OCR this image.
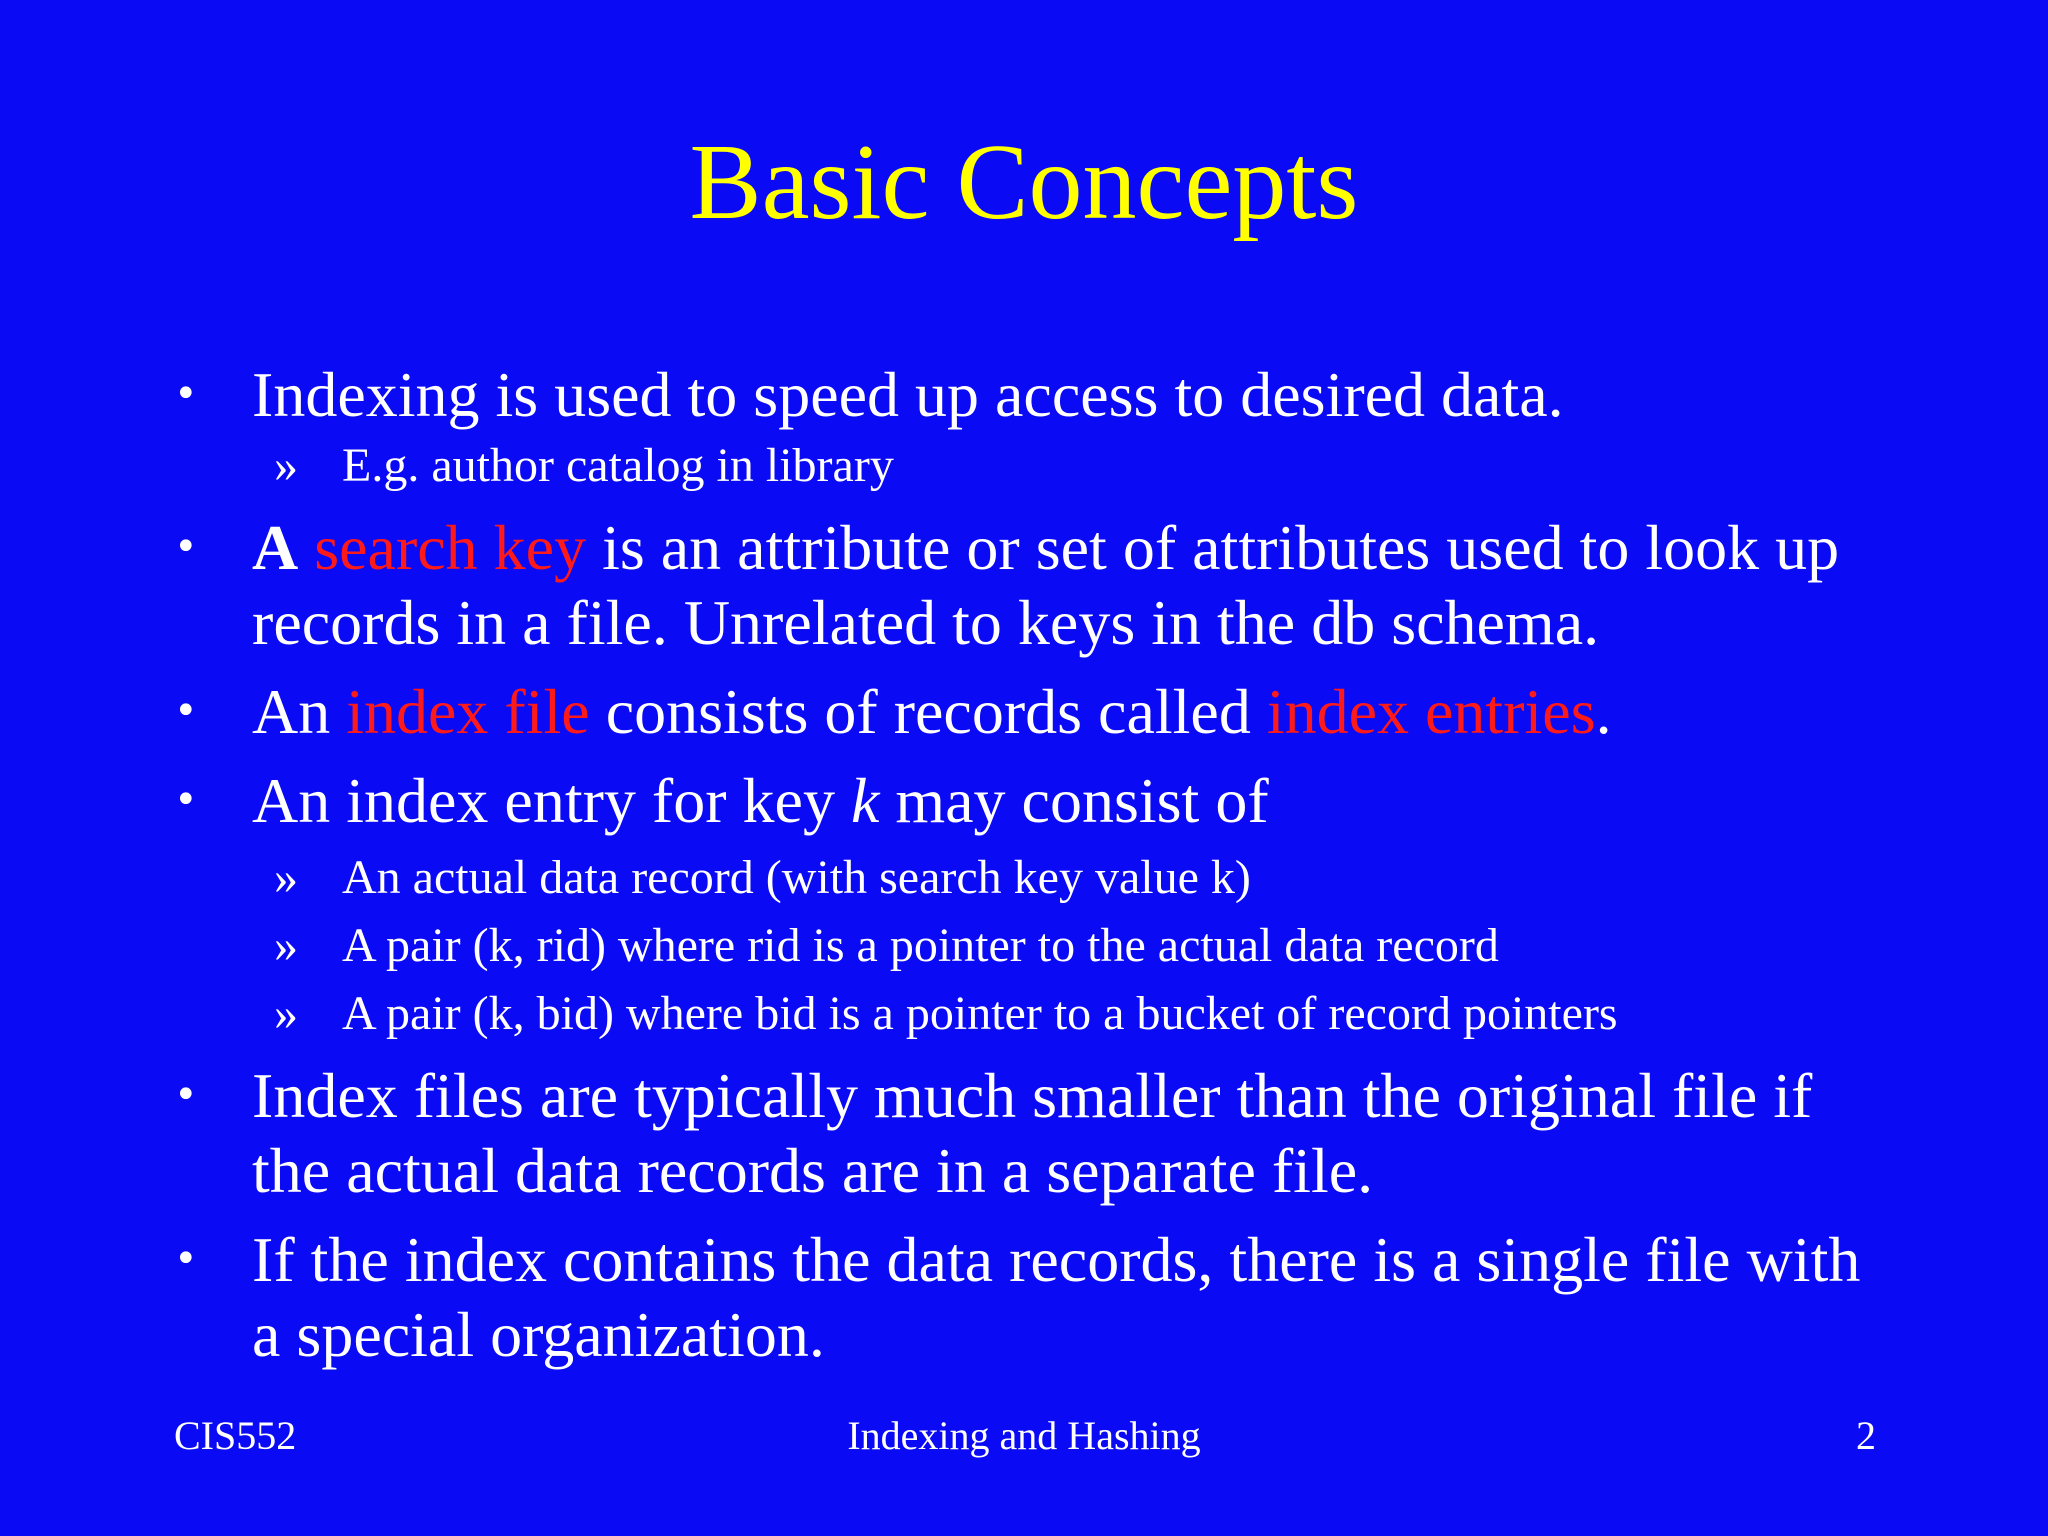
Basic Concepts
• Indexing is used to speed up access to desired data.
» E.g. author catalog in library
• A search key is an attribute or set of attributes used to look up records in a file. Unrelated to keys in the db schema.
• An index file consists of records called index entries.
• An index entry for key k may consist of
» An actual data record (with search key value k)
» A pair (k, rid) where rid is a pointer to the actual data record
» A pair (k, bid) where bid is a pointer to a bucket of record pointers
• Index files are typically much smaller than the original file if the actual data records are in a separate file.
• If the index contains the data records, there is a single file with a special organization.
CIS552	Indexing and Hashing	2
